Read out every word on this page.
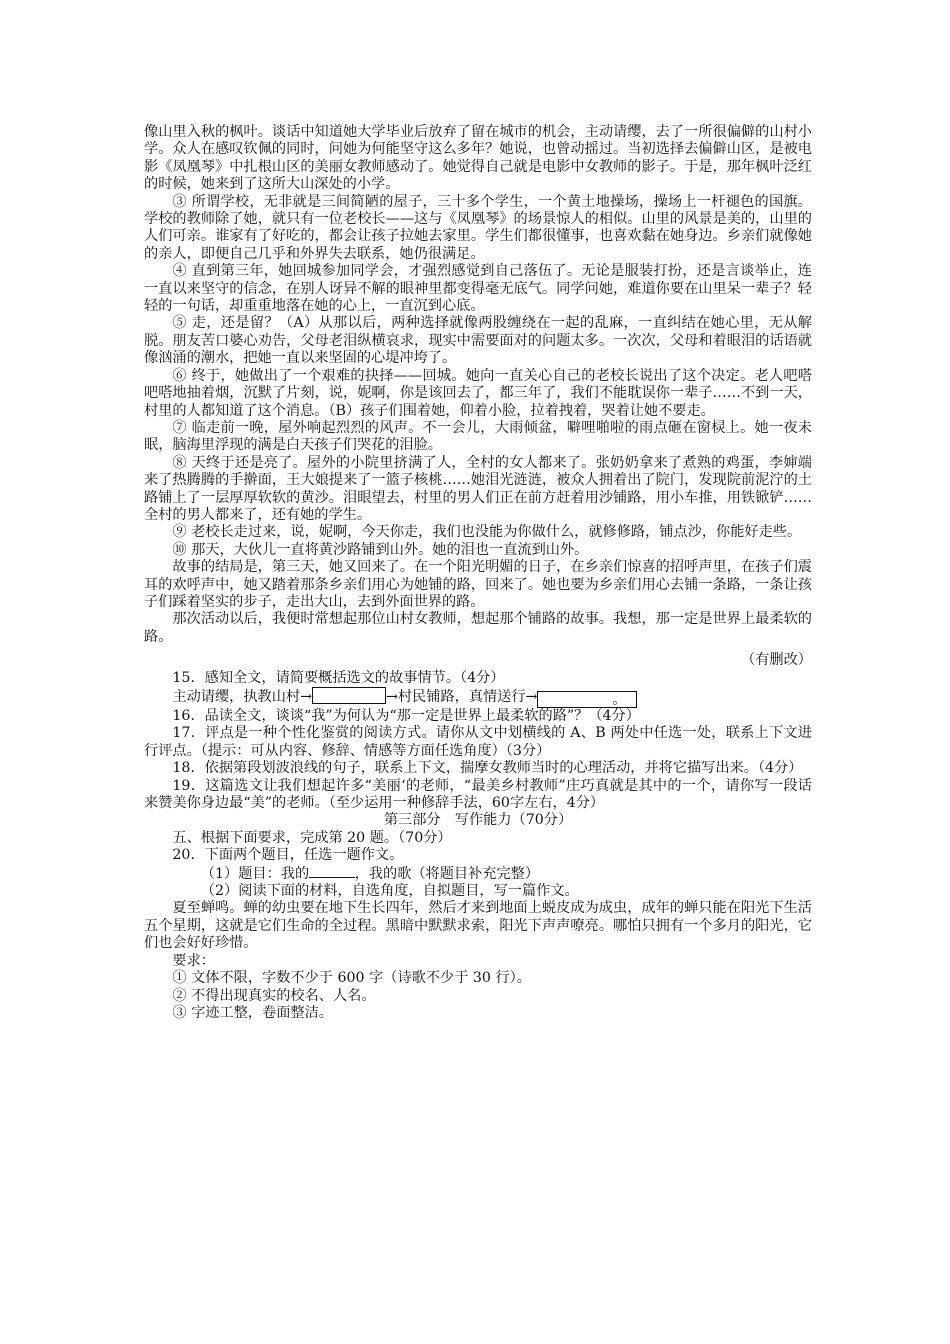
像山里入秋的枫叶。谈话中知道她大学毕业后放弃了留在城市的机会，主动请缨，去了一所很偏僻的山村小学。众人在感叹钦佩的同时，问她为何能坚守这么多年？她说，也曾动摇过。当初选择去偏僻山区，是被电影《凤凰琴》中扎根山区的美丽女教师感动了。她觉得自己就是电影中女教师的影子。于是，那年枫叶泛红的时候，她来到了这所大山深处的小学。

③ 所谓学校，无非就是三间简陋的屋子，三十多个学生，一个黄土地操场，操场上一杆褪色的国旗。学校的教师除了她，就只有一位老校长——这与《凤凰琴》的场景惊人的相似。山里的风景是美的，山里的人们可亲。谁家有了好吃的，都会让孩子拉她去家里。学生们都很懂事，也喜欢黏在她身边。乡亲们就像她的亲人，即便自己几乎和外界失去联系，她仍很满足。

④ 直到第三年，她回城参加同学会，才强烈感觉到自己落伍了。无论是服装打扮，还是言谈举止，连一直以来坚守的信念，在别人讶异不解的眼神里都变得毫无底气。同学问她，难道你要在山里呆一辈子？轻轻的一句话，却重重地落在她的心上，一直沉到心底。

⑤ 走，还是留？（A）从那以后，两种选择就像两股缠绕在一起的乱麻，一直纠结在她心里，无从解脱。朋友苦口婆心劝告，父母老泪纵横哀求，现实中需要面对的问题太多。一次次，父母和着眼泪的话语就像汹涌的潮水，把她一直以来坚固的心堤冲垮了。

⑥ 终于，她做出了一个艰难的抉择——回城。她向一直关心自己的老校长说出了这个决定。老人吧嗒吧嗒地抽着烟，沉默了片刻，说，妮啊，你是该回去了，都三年了，我们不能耽误你一辈子……不到一天，村里的人都知道了这个消息。（B）孩子们围着她，仰着小脸，拉着拽着，哭着让她不要走。

⑦ 临走前一晚，屋外响起烈烈的风声。不一会儿，大雨倾盆，噼哩啪啦的雨点砸在窗棂上。她一夜未眠，脑海里浮现的满是白天孩子们哭花的泪脸。

⑧ 天终于还是亮了。屋外的小院里挤满了人，全村的女人都来了。张奶奶拿来了煮熟的鸡蛋，李婶端来了热腾腾的手擀面，王大娘提来了一篮子核桃……她泪光涟涟，被众人拥着出了院门，发现院前泥泞的土路铺上了一层厚厚软软的黄沙。泪眼望去，村里的男人们正在前方赶着用沙铺路，用小车推，用铁锨铲……全村的男人都来了，还有她的学生。

⑨ 老校长走过来，说，妮啊，今天你走，我们也没能为你做什么，就修修路，铺点沙，你能好走些。

⑩ 那天，大伙儿一直将黄沙路铺到山外。她的泪也一直流到山外。

故事的结局是，第三天，她又回来了。在一个阳光明媚的日子，在乡亲们惊喜的招呼声里，在孩子们震耳的欢呼声中，她又踏着那条乡亲们用心为她铺的路，回来了。她也要为乡亲们用心去铺一条路，一条让孩子们踩着坚实的步子，走出大山，去到外面世界的路。

那次活动以后，我便时常想起那位山村女教师，想起那个铺路的故事。我想，那一定是世界上最柔软的路。

（有删改）

15．感知全文，请简要概括选文的故事情节。（4分）

主动请缨，执教山村→	→村民铺路，真情送行→	。

16．品读全文，谈谈“我”为何认为“那一定是世界上最柔软的路”？（4分）

17．评点是一种个性化鉴赏的阅读方式。请你从文中划横线的 A、B 两处中任选一处，联系上下文进行评点。（提示：可从内容、修辞、情感等方面任选角度）（3分）

18．依据第段划波浪线的句子，联系上下文，揣摩女教师当时的心理活动，并将它描写出来。（4分）

19．这篇选文让我们想起许多“美丽‘的老师，“最美乡村教师”庄巧真就是其中的一个，请你写一段话来赞美你身边最“美”的老师。（至少运用一种修辞手法，60字左右，4分）

第三部分　写作能力（70分）

五、根据下面要求，完成第 20 题。（70分）

20．下面两个题目，任选一题作文。

（1）题目：我的	，我的歌（将题目补充完整）

（2）阅读下面的材料，自选角度，自拟题目，写一篇作文。

夏至蝉鸣。蝉的幼虫要在地下生长四年，然后才来到地面上蜕皮成为成虫，成年的蝉只能在阳光下生活五个星期，这就是它们生命的全过程。黑暗中默默求索，阳光下声声嘹亮。哪怕只拥有一个多月的阳光，它们也会好好珍惜。

要求：

① 文体不限，字数不少于 600 字（诗歌不少于 30 行）。

② 不得出现真实的校名、人名。

③ 字迹工整，卷面整洁。
